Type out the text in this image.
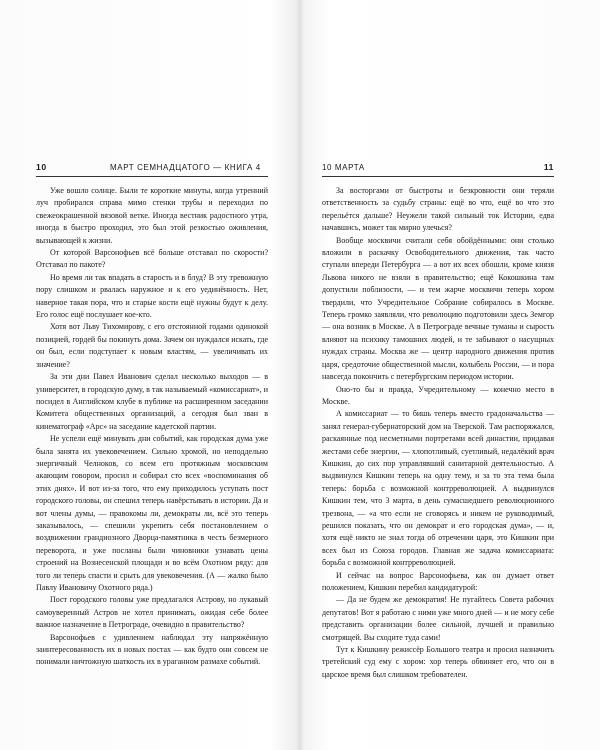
10	МАРТ СЕМНАДЦАТОГО — КНИГА 4

Уже вошло солнце. Были те короткие минуты, когда утренний луч пробирался справа мимо стенки трубы и переходил по свежеокрашенной вязовой ветке. Иногда вестник радостного утра, иногда в быстро проходил, это был этой резкостью оживления, вызывающей к жизни.

От которой Варсонофьев всё больше отставал по скорости? Отставал по пакоте?

Но время ли так впадать в старость и в блуд? В эту тревожную пору слишком и рвалась наружное и к его уединённость. Нет, наверное такая пора, что и старые кости ещё нужны будут к делу. Его голос ещё послушает кое-кто.

Хотя вот Льву Тихомирову, с его отстоянной годами одинокой позицией, гордей бы покинуть дома. Зачем он нуждался искать, где он был, если подступает к новым властям, — увеличивать их значение?

За эти дни Павел Иванович сделал несколько выходов — в университет, в городскую думу, в так называемый «комиссариат», и посидел в Английском клубе в публике на расширенном заседании Комитета общественных организаций, а сегодня был зван в кинематограф «Арс» на заседание кадетской партии.

Не успели ещё минувать дни событий, как городская дума уже была занята их увековечением. Сильно хромой, но неподдельно энергичный Челноков, со всем его протяжным московским акающим говором, просил и собирал сто всех «воспоминания об этих днях». И вот из-за того, что ему приходилось уступать пост городского головы, он спешил теперь навёрстывать в истории. Да и вот члены думы, — правокомы ли, демократы ли, всё это теперь заказывалось, — спешили укрепить себя постановлением о воздвижении грандиозного Дворца-памятника в честь безмерного переворота, и уже посланы были чиновники узнавать цены строений на Вознесенской площади и во всём Охотном ряду: для того ли теперь спасти и срыть для увековечения. (А — жалко было Павлу Ивановичу Охотного ряда.)

Пост городского головы уже предлагался Астрову, но лукавый самоуверенный Астров не хотел принимать, ожидая себе более важное назначение в Петрограде, очевидно в правительство?

Варсонофьев с удивлением наблюдал эту напряжённую заинтересованность их в новых постах — как будто они совсем не понимали ничтожную шаткость их в ураганном размахе событий.

10 МАРТА	11

За восторгами от быстроты и безкровности они теряли ответственность за судьбу страны: ещё во что, ещё во что это перельётся дальше? Неужели такой сильный ток Истории, едва начавшись, может так мирно улечься?

Вообще москвичи считали себя обойдёнными: они столько вложили в раскачку Освободительного движения, так часто ступали впереди Петербурга — а вот их всех обошли, кроме князя Львова никого не взяли в правительство; ещё Кокошкина там допустили поблизости, — и тем жарче москвичи теперь хором твердили, что Учредительное Собрание собиралось в Москве. Теперь громко заявляли, что революцию подготовили здесь Земгор — она возник в Москве. А в Петрограде вечные туманы и сырость влияют на психику тамошних людей, и те забывают о насущных нуждах страны. Москва же — центр народного движения против царя, средоточие общественной мысли, колыбель России, — и пора навсегда покончить с петербургским периодом истории.

Оно-то бы и правда, Учредительному — конечно место в Москве.

А комиссариат — то бишь теперь вместо градоначальства — занял генерал-губернаторский дом на Тверской. Там распоряжался, раскаянные под несметными портретами всей династии, придавая жестами себе энергии, — хлопотливый, суетливый, недалёкий врач Кишкин, до сих пор управлявший санитарной деятельностью. А выдвинулся Кишкин теперь на одну тему, и за то эта тема была теперь: борьба с возможной контрреволюцией. А выдвинулся Кишкин тем, что 3 марта, в день сумасшедшего революционного трезвона, — «а что если не сговорясь и никем не руководимый, решился показать, что он демократ и его городская дума», — и, хотя ещё никто не знал тогда об отречении царя, это Кишкин при всех был из Союза городов. Главная же задача комиссариата: борьба с возможной контрреволюцией.

И сейчас на вопрос Варсонофьева, как он думает ответ положением, Кишкин перебил кандидатурой:

— Да не будем же демократия! Не пугайтесь Совета рабочих депутатов! Вот я работаю с ними уже много дней — и не могу себе представить организации более сильной, лучшей и правильно смотрящей. Вы сходите туда сами!

Тут к Кишкину режиссёр Большого театра и просил назначить третейский суд ему с хором: хор теперь обвиняет его, что он в царское время был слишком требователен.
